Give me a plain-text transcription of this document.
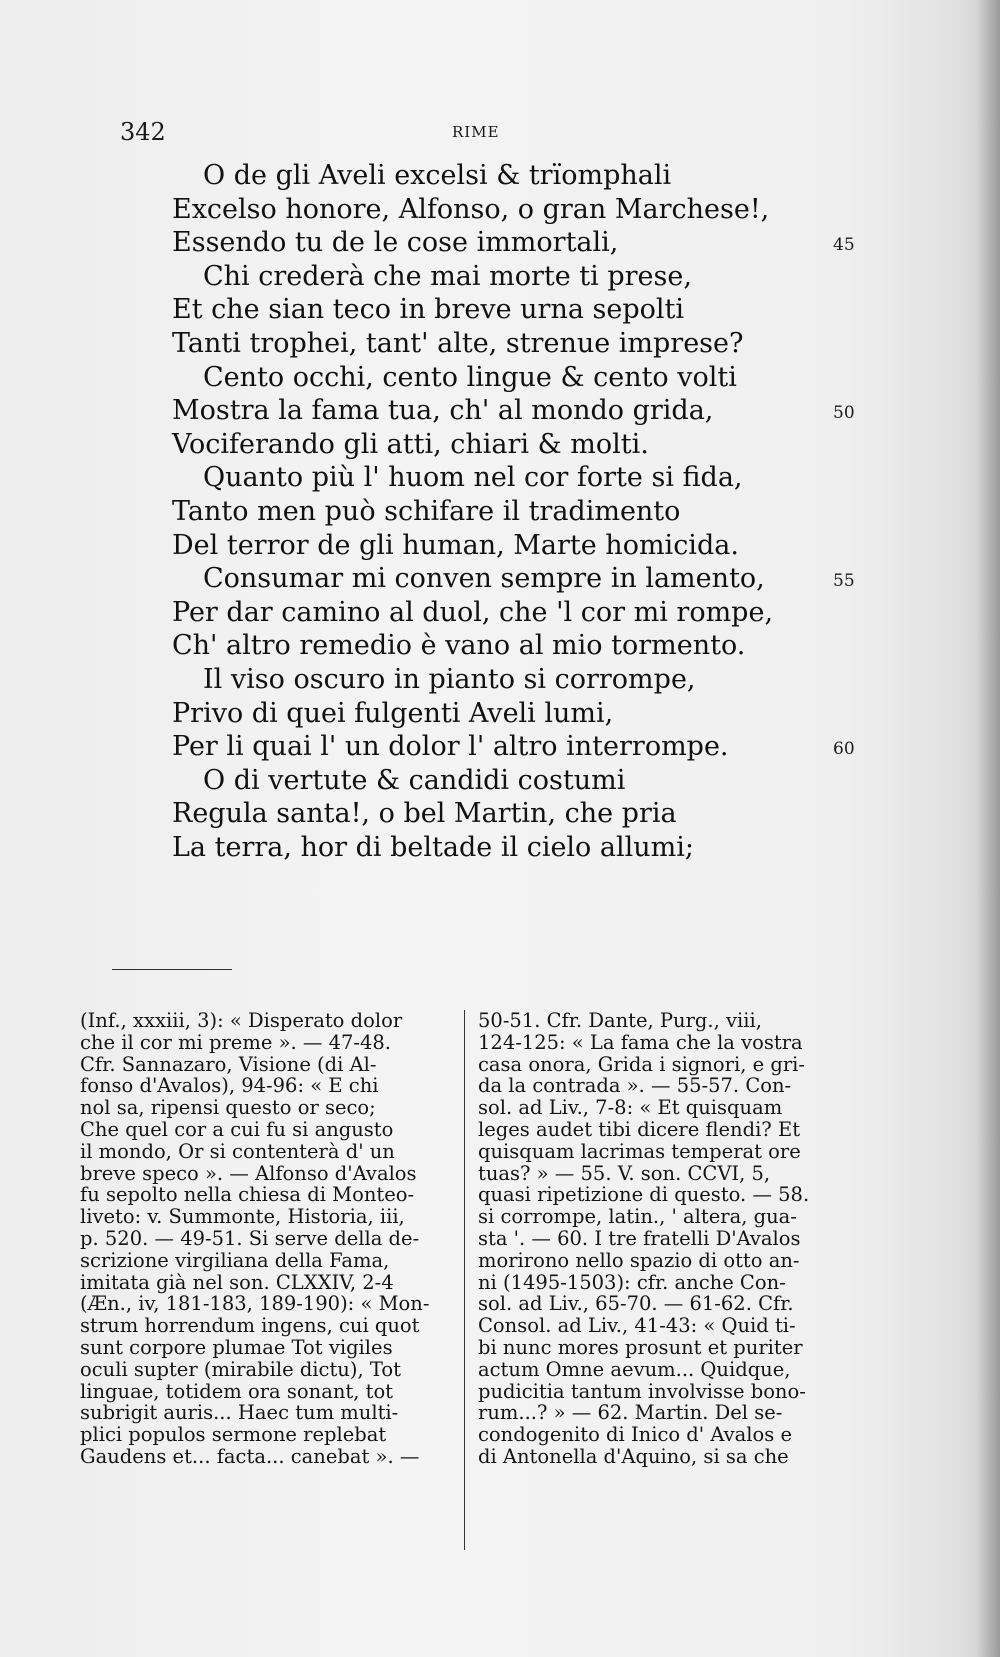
342	RIME
O de gli Aveli excelsi & trïomphali
Excelso honore, Alfonso, o gran Marchese!,
Essendo tu de le cose immortali,	45
Chi crederà che mai morte ti prese,
Et che sian teco in breve urna sepolti
Tanti trophei, tant' alte, strenue imprese?
Cento occhi, cento lingue & cento volti
Mostra la fama tua, ch' al mondo grida,	50
Vociferando gli atti, chiari & molti.
Quanto più l' huom nel cor forte si fida,
Tanto men può schifare il tradimento
Del terror de gli human, Marte homicida.
Consumar mi conven sempre in lamento,	55
Per dar camino al duol, che 'l cor mi rompe,
Ch' altro remedio è vano al mio tormento.
Il viso oscuro in pianto si corrompe,
Privo di quei fulgenti Aveli lumi,
Per li quai l' un dolor l' altro interrompe.	60
O di vertute & candidi costumi
Regula santa!, o bel Martin, che pria
La terra, hor di beltade il cielo allumi;
(Inf., xxxiii, 3): « Disperato dolor
che il cor mi preme ». — 47-48.
Cfr. Sannazaro, Visione (di Al-
fonso d'Avalos), 94-96: « E chi
nol sa, ripensi questo or seco;
Che quel cor a cui fu si angusto
il mondo, Or si contenterà d' un
breve speco ». — Alfonso d'Avalos
fu sepolto nella chiesa di Monteo-
liveto: v. Summonte, Historia, iii,
p. 520. — 49-51. Si serve della de-
scrizione virgiliana della Fama,
imitata già nel son. CLXXIV, 2-4
(Æn., iv, 181-183, 189-190): « Mon-
strum horrendum ingens, cui quot
sunt corpore plumae Tot vigiles
oculi supter (mirabile dictu), Tot
linguae, totidem ora sonant, tot
subrigit auris... Haec tum multi-
plici populos sermone replebat
Gaudens et... facta... canebat ». —
50-51. Cfr. Dante, Purg., viii,
124-125: « La fama che la vostra
casa onora, Grida i signori, e gri-
da la contrada ». — 55-57. Con-
sol. ad Liv., 7-8: « Et quisquam
leges audet tibi dicere flendi? Et
quisquam lacrimas temperat ore
tuas? » — 55. V. son. CCVI, 5,
quasi ripetizione di questo. — 58.
si corrompe, latin., ' altera, gua-
sta '. — 60. I tre fratelli D'Avalos
morirono nello spazio di otto an-
ni (1495-1503): cfr. anche Con-
sol. ad Liv., 65-70. — 61-62. Cfr.
Consol. ad Liv., 41-43: « Quid ti-
bi nunc mores prosunt et puriter
actum Omne aevum... Quidque,
pudicitia tantum involvisse bono-
rum...? » — 62. Martin. Del se-
condogenito di Inico d' Avalos e
di Antonella d'Aquino, si sa che
